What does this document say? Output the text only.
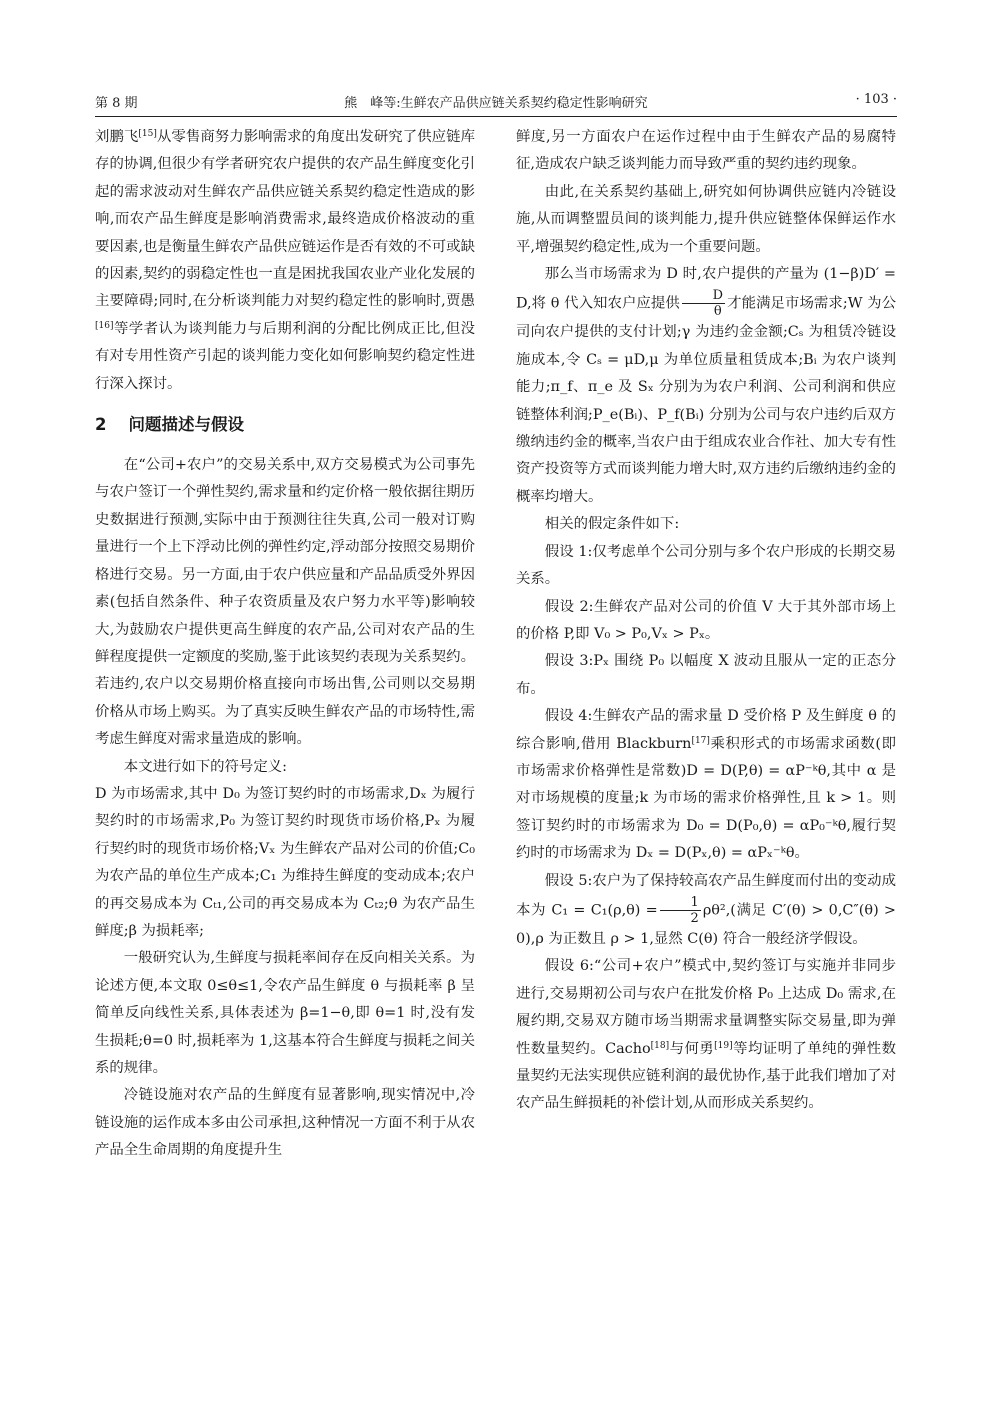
第 8 期	熊　峰等:生鲜农产品供应链关系契约稳定性影响研究	· 103 ·

刘鹏飞[15]从零售商努力影响需求的角度出发研究了供应链库存的协调,但很少有学者研究农户提供的农产品生鲜度变化引起的需求波动对生鲜农产品供应链关系契约稳定性造成的影响,而农产品生鲜度是影响消费需求,最终造成价格波动的重要因素,也是衡量生鲜农产品供应链运作是否有效的不可或缺的因素,契约的弱稳定性也一直是困扰我国农业产业化发展的主要障碍;同时,在分析谈判能力对契约稳定性的影响时,贾愚[16]等学者认为谈判能力与后期利润的分配比例成正比,但没有对专用性资产引起的谈判能力变化如何影响契约稳定性进行深入探讨。

2 问题描述与假设

在“公司+农户”的交易关系中,双方交易模式为公司事先与农户签订一个弹性契约,需求量和约定价格一般依据往期历史数据进行预测,实际中由于预测往往失真,公司一般对订购量进行一个上下浮动比例的弹性约定,浮动部分按照交易期价格进行交易。另一方面,由于农户供应量和产品品质受外界因素(包括自然条件、种子农资质量及农户努力水平等)影响较大,为鼓励农户提供更高生鲜度的农产品,公司对农产品的生鲜程度提供一定额度的奖励,鉴于此该契约表现为关系契约。若违约,农户以交易期价格直接向市场出售,公司则以交易期价格从市场上购买。为了真实反映生鲜农产品的市场特性,需考虑生鲜度对需求量造成的影响。

本文进行如下的符号定义:

D 为市场需求,其中 D₀ 为签订契约时的市场需求,Dₓ 为履行契约时的市场需求,P₀ 为签订契约时现货市场价格,Pₓ 为履行契约时的现货市场价格;Vₓ 为生鲜农产品对公司的价值;C₀ 为农产品的单位生产成本;C₁ 为维持生鲜度的变动成本;农户的再交易成本为 Cₜ₁,公司的再交易成本为 Cₜ₂;θ 为农产品生鲜度;β 为损耗率;

一般研究认为,生鲜度与损耗率间存在反向相关关系。为论述方便,本文取 0≤θ≤1,令农产品生鲜度 θ 与损耗率 β 呈简单反向线性关系,具体表述为 β=1−θ,即 θ=1 时,没有发生损耗;θ=0 时,损耗率为 1,这基本符合生鲜度与损耗之间关系的规律。

冷链设施对农产品的生鲜度有显著影响,现实情况中,冷链设施的运作成本多由公司承担,这种情况一方面不利于从农产品全生命周期的角度提升生

鲜度,另一方面农户在运作过程中由于生鲜农产品的易腐特征,造成农户缺乏谈判能力而导致严重的契约违约现象。

由此,在关系契约基础上,研究如何协调供应链内冷链设施,从而调整盟员间的谈判能力,提升供应链整体保鲜运作水平,增强契约稳定性,成为一个重要问题。

那么当市场需求为 D 时,农户提供的产量为 (1−β)D′ = D,将 θ 代入知农户应提供 $\frac{D}{\theta}$ 才能满足市场需求;W 为公司向农户提供的支付计划;γ 为违约金金额;Cₛ 为租赁冷链设施成本,令 Cₛ = μD,μ 为单位质量租赁成本;Bᵢ 为农户谈判能力;π_f、π_e 及 Sₓ 分别为为农户利润、公司利润和供应链整体利润;P_e(Bᵢ)、P_f(Bᵢ) 分别为公司与农户违约后双方缴纳违约金的概率,当农户由于组成农业合作社、加大专有性资产投资等方式而谈判能力增大时,双方违约后缴纳违约金的概率均增大。

相关的假定条件如下:

假设 1:仅考虑单个公司分别与多个农户形成的长期交易关系。

假设 2:生鲜农产品对公司的价值 V 大于其外部市场上的价格 P,即 V₀ > P₀,Vₓ > Pₓ。

假设 3:Pₓ 围绕 P₀ 以幅度 X 波动且服从一定的正态分布。

假设 4:生鲜农产品的需求量 D 受价格 P 及生鲜度 θ 的综合影响,借用 Blackburn[17]乘积形式的市场需求函数(即市场需求价格弹性是常数)D = D(P,θ) = αP⁻ᵏθ,其中 α 是对市场规模的度量;k 为市场的需求价格弹性,且 k > 1。则签订契约时的市场需求为 D₀ = D(P₀,θ) = αP₀⁻ᵏθ,履行契约时的市场需求为 Dₓ = D(Pₓ,θ) = αPₓ⁻ᵏθ。

假设 5:农户为了保持较高农产品生鲜度而付出的变动成本为 $C_1 = C_1(\rho,\theta) = \frac{1}{2} \rho\theta^2$,(满足 C′(θ) > 0,C″(θ) > 0),ρ 为正数且 ρ > 1,显然 C(θ) 符合一般经济学假设。

假设 6:“公司+农户”模式中,契约签订与实施并非同步进行,交易期初公司与农户在批发价格 P₀ 上达成 D₀ 需求,在履约期,交易双方随市场当期需求量调整实际交易量,即为弹性数量契约。Cacho[18]与何勇[19]等均证明了单纯的弹性数量契约无法实现供应链利润的最优协作,基于此我们增加了对农产品生鲜损耗的补偿计划,从而形成关系契约。
